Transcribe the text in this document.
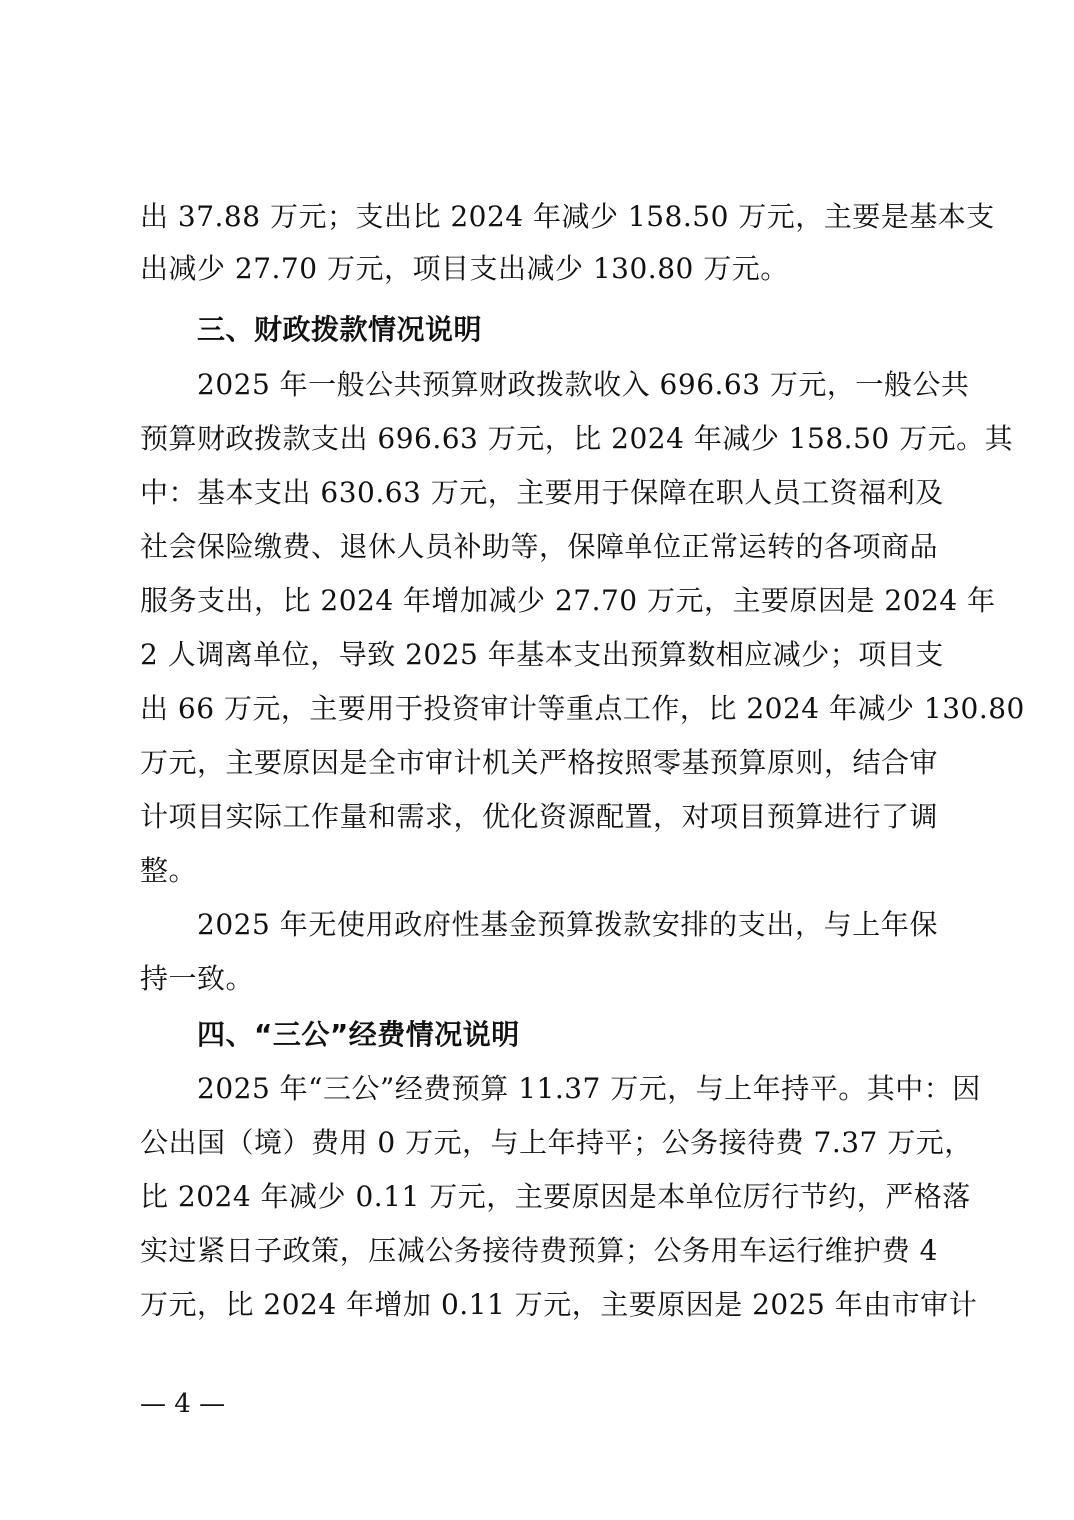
出 37.88 万元；支出比 2024 年减少 158.50 万元，主要是基本支
出减少 27.70 万元，项目支出减少 130.80 万元。
三、财政拨款情况说明
2025 年一般公共预算财政拨款收入 696.63 万元，一般公共
预算财政拨款支出 696.63 万元，比 2024 年减少 158.50 万元。其
中：基本支出 630.63 万元，主要用于保障在职人员工资福利及
社会保险缴费、退休人员补助等，保障单位正常运转的各项商品
服务支出，比 2024 年增加减少 27.70 万元，主要原因是 2024 年
2 人调离单位，导致 2025 年基本支出预算数相应减少；项目支
出 66 万元，主要用于投资审计等重点工作，比 2024 年减少 130.80
万元，主要原因是全市审计机关严格按照零基预算原则，结合审
计项目实际工作量和需求，优化资源配置，对项目预算进行了调
整。
2025 年无使用政府性基金预算拨款安排的支出，与上年保
持一致。
四、“三公”经费情况说明
2025 年“三公”经费预算 11.37 万元，与上年持平。其中：因
公出国（境）费用 0 万元，与上年持平；公务接待费 7.37 万元，
比 2024 年减少 0.11 万元，主要原因是本单位厉行节约，严格落
实过紧日子政策，压减公务接待费预算；公务用车运行维护费 4
万元，比 2024 年增加 0.11 万元，主要原因是 2025 年由市审计
— 4 —
